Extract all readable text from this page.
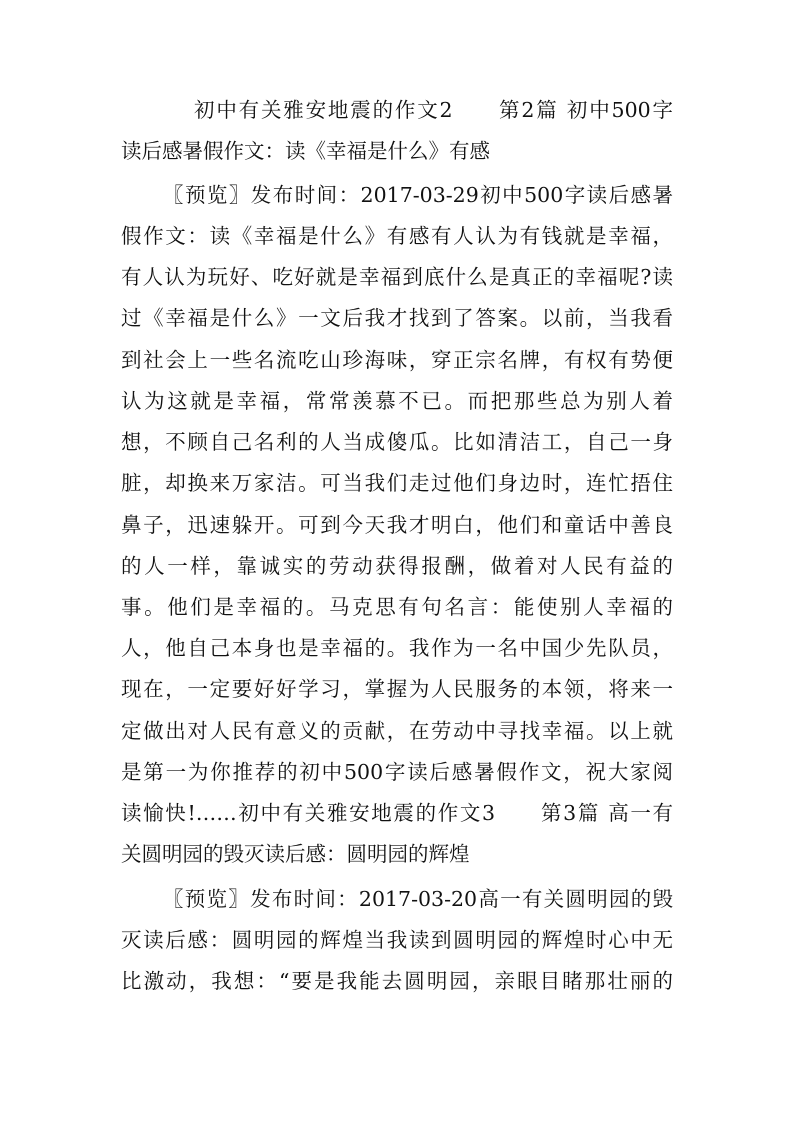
初中有关雅安地震的作文2　　第2篇 初中500字
读后感暑假作文：读《幸福是什么》有感
〖预览〗发布时间：2017-03-29初中500字读后感暑
假作文：读《幸福是什么》有感有人认为有钱就是幸福，
有人认为玩好、吃好就是幸福到底什么是真正的幸福呢?读
过《幸福是什么》一文后我才找到了答案。以前，当我看
到社会上一些名流吃山珍海味，穿正宗名牌，有权有势便
认为这就是幸福，常常羡慕不已。而把那些总为别人着
想，不顾自己名利的人当成傻瓜。比如清洁工，自己一身
脏，却换来万家洁。可当我们走过他们身边时，连忙捂住
鼻子，迅速躲开。可到今天我才明白，他们和童话中善良
的人一样，靠诚实的劳动获得报酬，做着对人民有益的
事。他们是幸福的。马克思有句名言：能使别人幸福的
人，他自己本身也是幸福的。我作为一名中国少先队员，
现在，一定要好好学习，掌握为人民服务的本领，将来一
定做出对人民有意义的贡献，在劳动中寻找幸福。以上就
是第一为你推荐的初中500字读后感暑假作文，祝大家阅
读愉快!……初中有关雅安地震的作文3　　第3篇 高一有
关圆明园的毁灭读后感：圆明园的辉煌
〖预览〗发布时间：2017-03-20高一有关圆明园的毁
灭读后感：圆明园的辉煌当我读到圆明园的辉煌时心中无
比激动，我想：“要是我能去圆明园，亲眼目睹那壮丽的
